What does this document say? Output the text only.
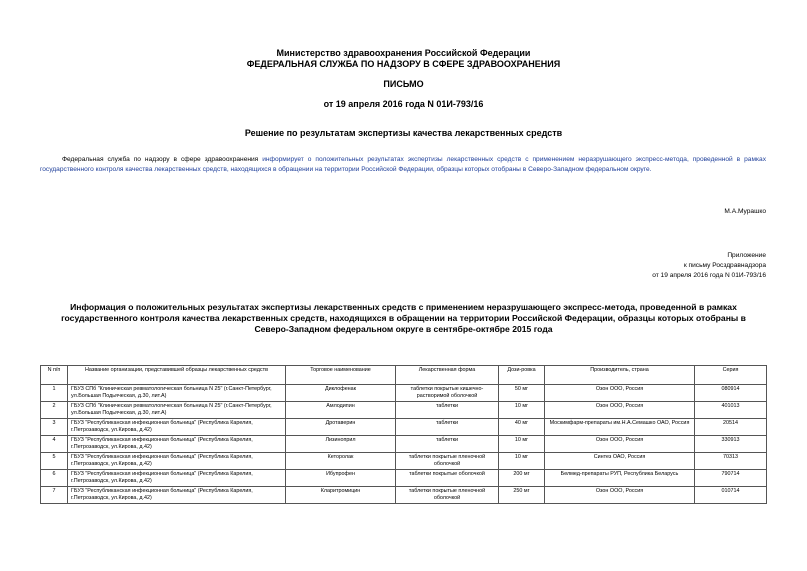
Министерство здравоохранения Российской Федерации
ФЕДЕРАЛЬНАЯ СЛУЖБА ПО НАДЗОРУ В СФЕРЕ ЗДРАВООХРАНЕНИЯ
ПИСЬМО
от 19 апреля 2016 года N 01И-793/16
Решение по результатам экспертизы качества лекарственных средств
Федеральная служба по надзору в сфере здравоохранения информирует о положительных результатах экспертизы лекарственных средств с применением неразрушающего экспресс-метода, проведенной в рамках государственного контроля качества лекарственных средств, находящихся в обращении на территории Российской Федерации, образцы которых отобраны в Северо-Западном федеральном округе.
М.А.Мурашко
Приложение
к письму Росздравнадзора
от 19 апреля 2016 года N 01И-793/16
Информация о положительных результатах экспертизы лекарственных средств с применением неразрушающего экспресс-метода, проведенной в рамках государственного контроля качества лекарственных средств, находящихся в обращении на территории Российской Федерации, образцы которых отобраны в Северо-Западном федеральном округе в сентябре-октябре 2015 года
N п/п	Название организации, представившей образцы лекарственных средств	Торговое наименование	Лекарственная форма	Дози-ровка	Производитель, страна	Серия
1	ГБУЗ СПб "Клиническая ревматологическая больница N 25" (г.Санкт-Петербург, ул.Большая Подьяческая, д.30, лит.А)	Диклофенак	таблетки покрытые кишечно-растворимой оболочкой	50 мг	Озон ООО, Россия	080914
2	ГБУЗ СПб "Клиническая ревматологическая больница N 25" (г.Санкт-Петербург, ул.Большая Подьяческая, д.30, лит.А)	Амлодипин	таблетки	10 мг	Озон ООО, Россия	401013
3	ГБУЗ "Республиканская инфекционная больница" (Республика Карелия, г.Петрозаводск, ул.Кирова, д.42)	Дротаверин	таблетки	40 мг	Москимфарм-препараты им.Н.А.Семашко ОАО, Россия	20514
4	ГБУЗ "Республиканская инфекционная больница" (Республика Карелия, г.Петрозаводск, ул.Кирова, д.42)	Лизиноприл	таблетки	10 мг	Озон ООО, Россия	330913
5	ГБУЗ "Республиканская инфекционная больница" (Республика Карелия, г.Петрозаводск, ул.Кирова, д.42)	Кеторолак	таблетки покрытые пленочной оболочкой	10 мг	Синтез ОАО, Россия	70313
6	ГБУЗ "Республиканская инфекционная больница" (Республика Карелия, г.Петрозаводск, ул.Кирова, д.42)	Ибупрофен	таблетки покрытые оболочкой	200 мг	Белмед-препараты РУП, Республика Беларусь	790714
7	ГБУЗ "Республиканская инфекционная больница" (Республика Карелия, г.Петрозаводск, ул.Кирова, д.42)	Кларитромицин	таблетки покрытые пленочной оболочкой	250 мг	Озон ООО, Россия	010714
